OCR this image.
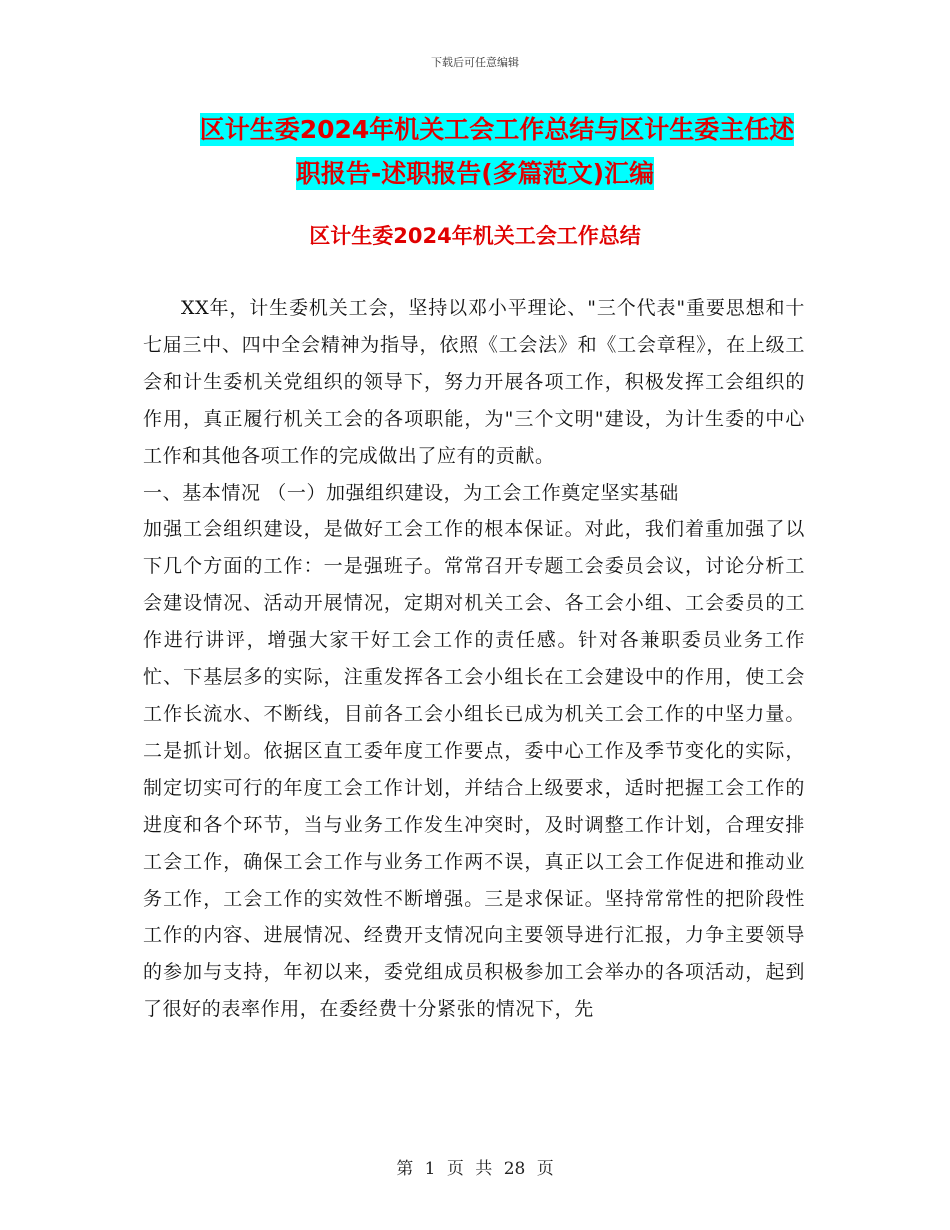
下载后可任意编辑
区计生委2024年机关工会工作总结与区计生委主任述
职报告-述职报告(多篇范文)汇编
区计生委2024年机关工会工作总结

XX年，计生委机关工会，坚持以邓小平理论、"三个代表"重要思想和十七届三中、四中全会精神为指导，依照《工会法》和《工会章程》，在上级工会和计生委机关党组织的领导下，努力开展各项工作，积极发挥工会组织的作用，真正履行机关工会的各项职能，为"三个文明"建设，为计生委的中心工作和其他各项工作的完成做出了应有的贡献。

一、基本情况 （一）加强组织建设，为工会工作奠定坚实基础

加强工会组织建设，是做好工会工作的根本保证。对此，我们着重加强了以下几个方面的工作：一是强班子。常常召开专题工会委员会议，讨论分析工会建设情况、活动开展情况，定期对机关工会、各工会小组、工会委员的工作进行讲评，增强大家干好工会工作的责任感。针对各兼职委员业务工作忙、下基层多的实际，注重发挥各工会小组长在工会建设中的作用，使工会工作长流水、不断线，目前各工会小组长已成为机关工会工作的中坚力量。二是抓计划。依据区直工委年度工作要点，委中心工作及季节变化的实际，制定切实可行的年度工会工作计划，并结合上级要求，适时把握工会工作的进度和各个环节，当与业务工作发生冲突时，及时调整工作计划，合理安排工会工作，确保工会工作与业务工作两不误，真正以工会工作促进和推动业务工作，工会工作的实效性不断增强。三是求保证。坚持常常性的把阶段性工作的内容、进展情况、经费开支情况向主要领导进行汇报，力争主要领导的参加与支持，年初以来，委党组成员积极参加工会举办的各项活动，起到了很好的表率作用，在委经费十分紧张的情况下，先

第 1 页 共 28 页
